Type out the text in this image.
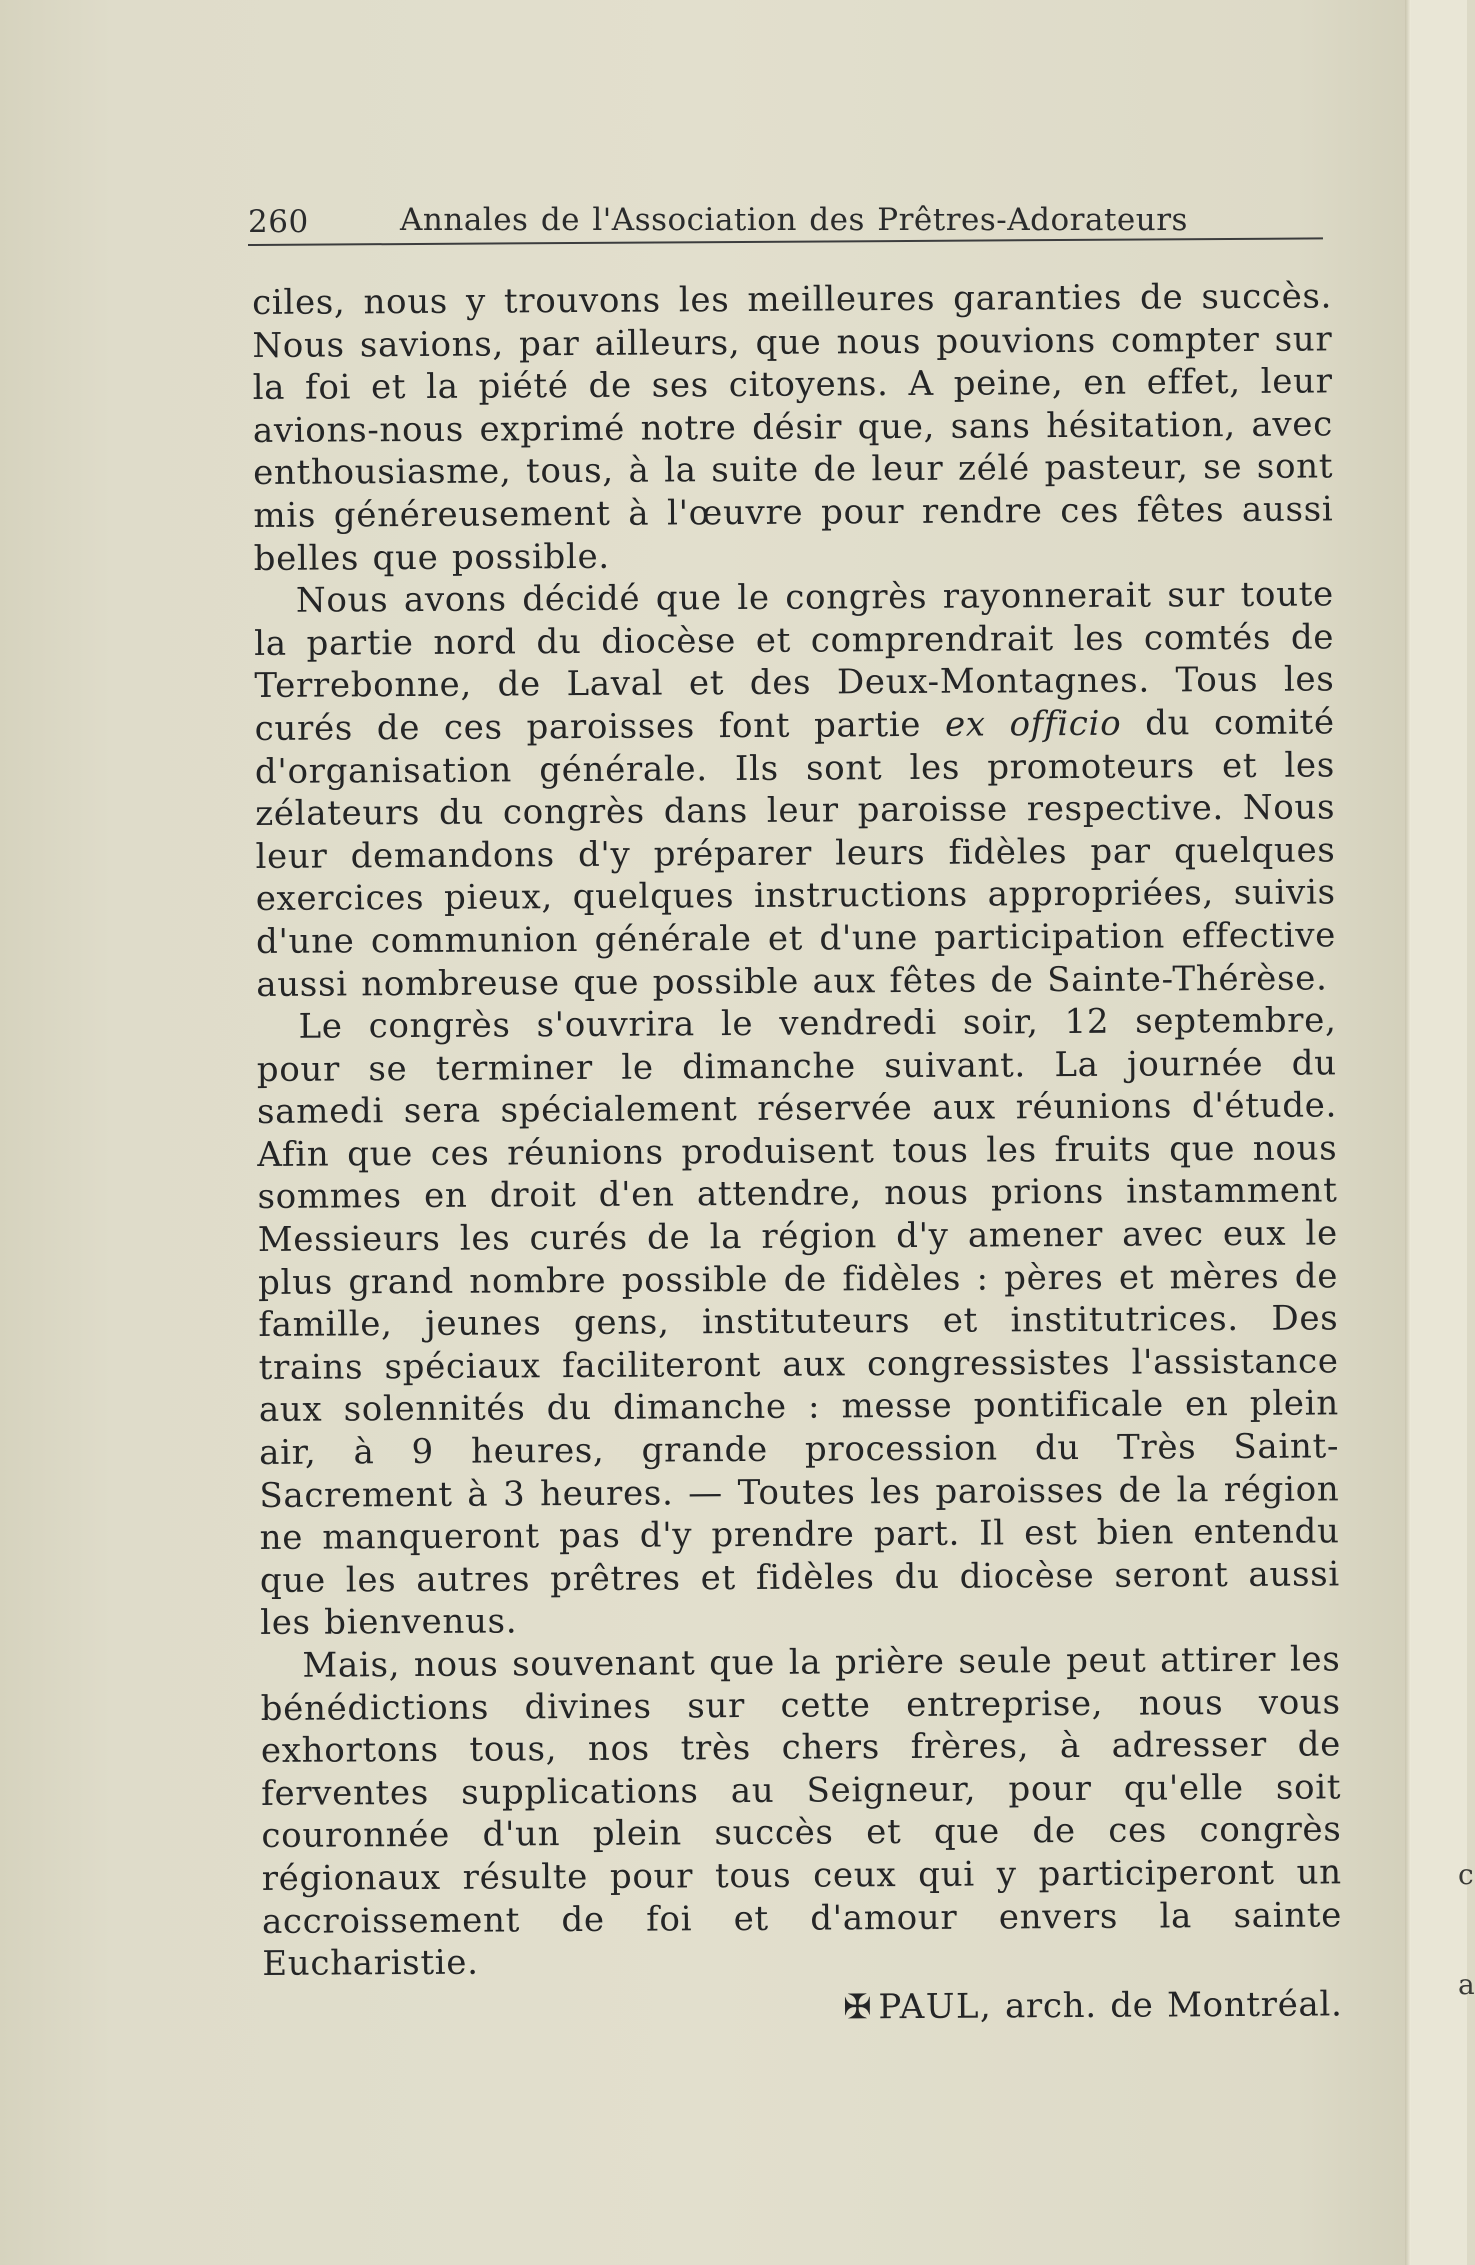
c
a
260	Annales de l'Association des Prêtres-Adorateurs

ciles, nous y trouvons les meilleures garanties de succès. Nous savions, par ailleurs, que nous pouvions compter sur la foi et la piété de ses citoyens. A peine, en effet, leur avions-nous exprimé notre désir que, sans hésitation, avec enthousiasme, tous, à la suite de leur zélé pasteur, se sont mis généreusement à l'œuvre pour rendre ces fêtes aussi belles que possible.

Nous avons décidé que le congrès rayonnerait sur toute la partie nord du diocèse et comprendrait les comtés de Terrebonne, de Laval et des Deux-Montagnes. Tous les curés de ces paroisses font partie ex officio du comité d'organisation générale. Ils sont les promoteurs et les zélateurs du congrès dans leur paroisse respective. Nous leur demandons d'y préparer leurs fidèles par quelques exercices pieux, quelques instructions appropriées, suivis d'une communion générale et d'une participation effective aussi nombreuse que possible aux fêtes de Sainte-Thérèse.

Le congrès s'ouvrira le vendredi soir, 12 septembre, pour se terminer le dimanche suivant. La journée du samedi sera spécialement réservée aux réunions d'étude. Afin que ces réunions produisent tous les fruits que nous sommes en droit d'en attendre, nous prions instamment Messieurs les curés de la région d'y amener avec eux le plus grand nombre possible de fidèles : pères et mères de famille, jeunes gens, instituteurs et institutrices. Des trains spéciaux faciliteront aux congressistes l'assistance aux solennités du dimanche : messe pontificale en plein air, à 9 heures, grande procession du Très Saint-Sacrement à 3 heures. — Toutes les paroisses de la région ne manqueront pas d'y prendre part. Il est bien entendu que les autres prêtres et fidèles du diocèse seront aussi les bienvenus.

Mais, nous souvenant que la prière seule peut attirer les bénédictions divines sur cette entreprise, nous vous exhortons tous, nos très chers frères, à adresser de ferventes supplications au Seigneur, pour qu'elle soit couronnée d'un plein succès et que de ces congrès régionaux résulte pour tous ceux qui y participeront un accroissement de foi et d'amour envers la sainte Eucharistie.

✠ PAUL, arch. de Montréal.
